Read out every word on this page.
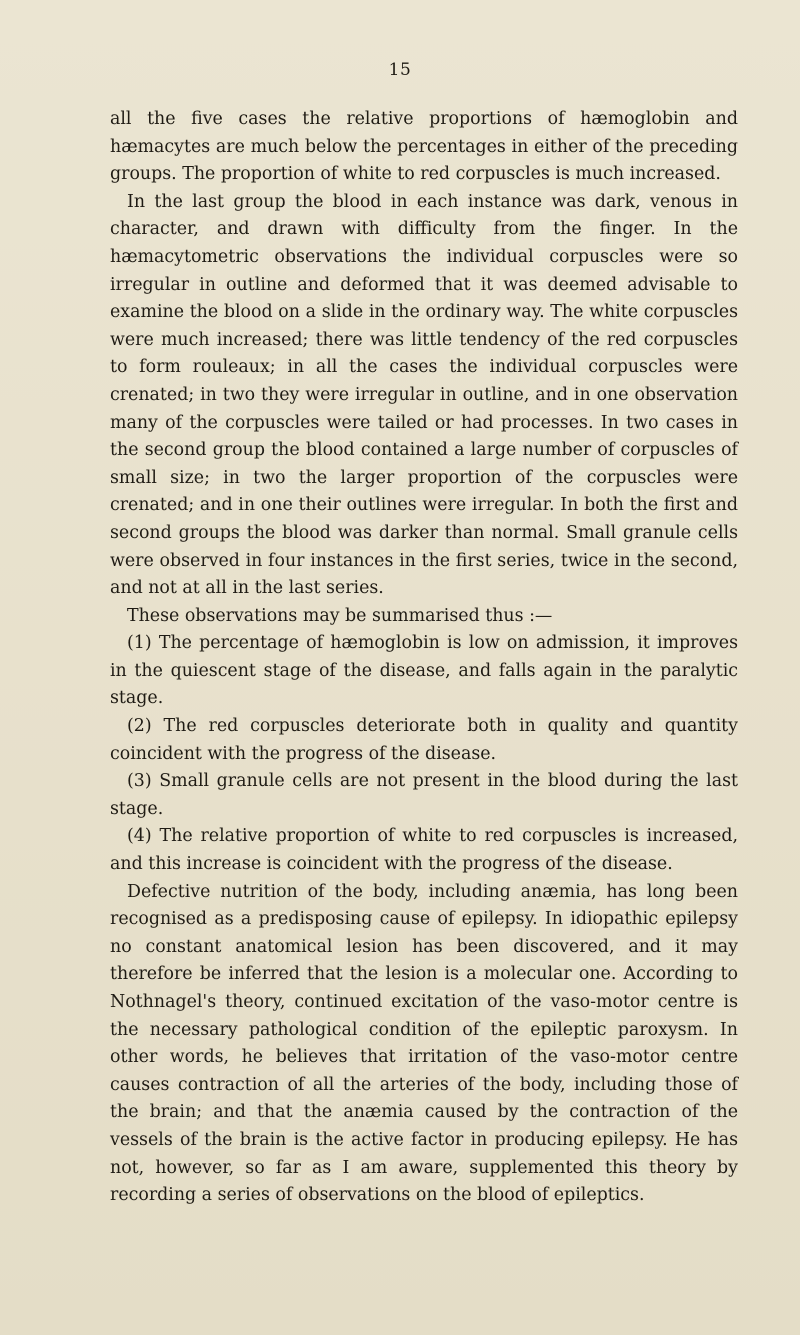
15

all the five cases the relative proportions of hæmoglobin and hæmacytes are much below the percentages in either of the preceding groups. The proportion of white to red corpuscles is much increased.

In the last group the blood in each instance was dark, venous in character, and drawn with difficulty from the finger. In the hæmacytometric observations the individual corpuscles were so irregular in outline and deformed that it was deemed advisable to examine the blood on a slide in the ordinary way. The white corpuscles were much increased; there was little tendency of the red corpuscles to form rouleaux; in all the cases the individual corpuscles were crenated; in two they were irregular in outline, and in one observation many of the corpuscles were tailed or had processes. In two cases in the second group the blood contained a large number of corpuscles of small size; in two the larger proportion of the corpuscles were crenated; and in one their outlines were irregular. In both the first and second groups the blood was darker than normal. Small granule cells were observed in four instances in the first series, twice in the second, and not at all in the last series.

These observations may be summarised thus :—

(1) The percentage of hæmoglobin is low on admission, it improves in the quiescent stage of the disease, and falls again in the paralytic stage.

(2) The red corpuscles deteriorate both in quality and quantity coincident with the progress of the disease.

(3) Small granule cells are not present in the blood during the last stage.

(4) The relative proportion of white to red corpuscles is increased, and this increase is coincident with the progress of the disease.

Defective nutrition of the body, including anæmia, has long been recognised as a predisposing cause of epilepsy. In idiopathic epilepsy no constant anatomical lesion has been discovered, and it may therefore be inferred that the lesion is a molecular one. According to Nothnagel's theory, continued excitation of the vaso-motor centre is the necessary pathological condition of the epileptic paroxysm. In other words, he believes that irritation of the vaso-motor centre causes contraction of all the arteries of the body, including those of the brain; and that the anæmia caused by the contraction of the vessels of the brain is the active factor in producing epilepsy. He has not, however, so far as I am aware, supplemented this theory by recording a series of observations on the blood of epileptics.
